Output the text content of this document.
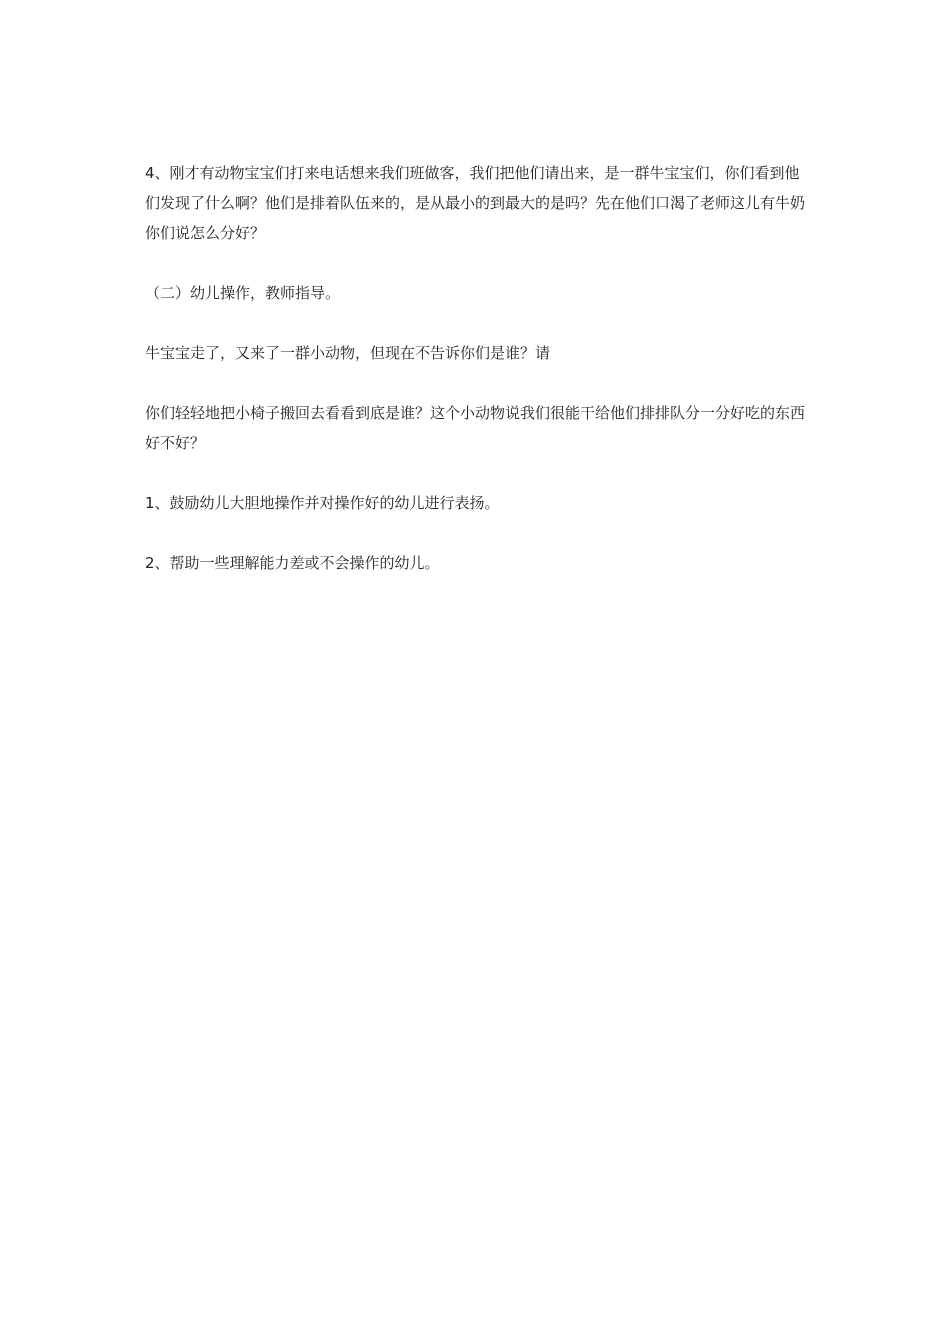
4、刚才有动物宝宝们打来电话想来我们班做客，我们把他们请出来，是一群牛宝宝们，你们看到他们发现了什么啊？他们是排着队伍来的，是从最小的到最大的是吗？先在他们口渴了老师这儿有牛奶你们说怎么分好？

（二）幼儿操作，教师指导。

牛宝宝走了，又来了一群小动物，但现在不告诉你们是谁？请

你们轻轻地把小椅子搬回去看看到底是谁？这个小动物说我们很能干给他们排排队分一分好吃的东西好不好？

1、鼓励幼儿大胆地操作并对操作好的幼儿进行表扬。

2、帮助一些理解能力差或不会操作的幼儿。
